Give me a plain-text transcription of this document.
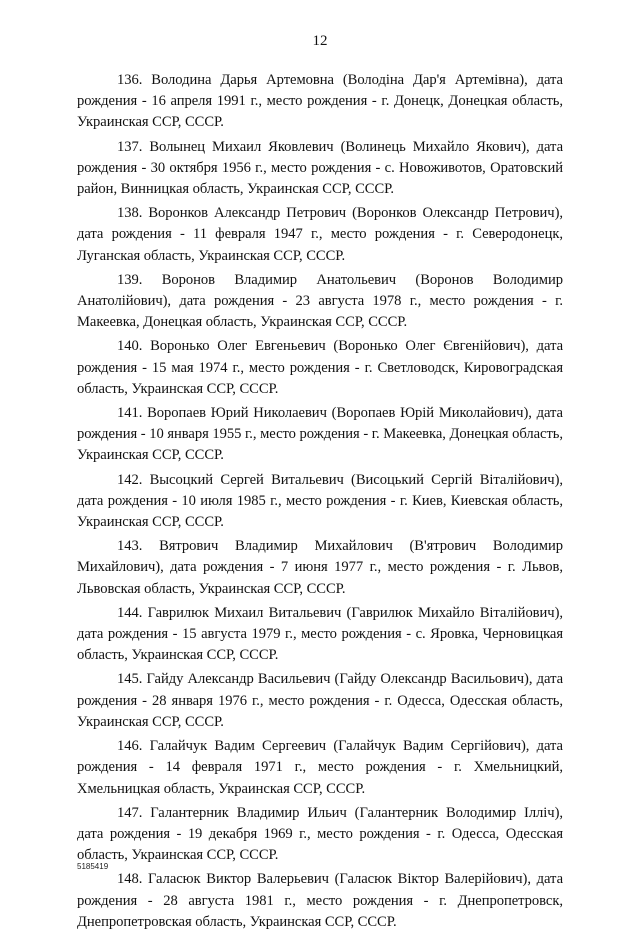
12

136. Володина Дарья Артемовна (Володіна Дар'я Артемівна), дата рождения - 16 апреля 1991 г., место рождения - г. Донецк, Донецкая область, Украинская ССР, СССР.

137. Волынец Михаил Яковлевич (Волинець Михайло Якович), дата рождения - 30 октября 1956 г., место рождения - с. Новоживотов, Оратовский район, Винницкая область, Украинская ССР, СССР.

138. Воронков Александр Петрович (Воронков Олександр Петрович), дата рождения - 11 февраля 1947 г., место рождения - г. Северодонецк, Луганская область, Украинская ССР, СССР.

139. Воронов Владимир Анатольевич (Воронов Володимир Анатолійович), дата рождения - 23 августа 1978 г., место рождения - г. Макеевка, Донецкая область, Украинская ССР, СССР.

140. Воронько Олег Евгеньевич (Воронько Олег Євгенійович), дата рождения - 15 мая 1974 г., место рождения - г. Светловодск, Кировоградская область, Украинская ССР, СССР.

141. Воропаев Юрий Николаевич (Воропаев Юрій Миколайович), дата рождения - 10 января 1955 г., место рождения - г. Макеевка, Донецкая область, Украинская ССР, СССР.

142. Высоцкий Сергей Витальевич (Висоцький Сергій Віталійович), дата рождения - 10 июля 1985 г., место рождения - г. Киев, Киевская область, Украинская ССР, СССР.

143. Вятрович Владимир Михайлович (В'ятрович Володимир Михайлович), дата рождения - 7 июня 1977 г., место рождения - г. Львов, Львовская область, Украинская ССР, СССР.

144. Гаврилюк Михаил Витальевич (Гаврилюк Михайло Віталійович), дата рождения - 15 августа 1979 г., место рождения - с. Яровка, Черновицкая область, Украинская ССР, СССР.

145. Гайду Александр Васильевич (Гайду Олександр Васильович), дата рождения - 28 января 1976 г., место рождения - г. Одесса, Одесская область, Украинская ССР, СССР.

146. Галайчук Вадим Сергеевич (Галайчук Вадим Сергійович), дата рождения - 14 февраля 1971 г., место рождения - г. Хмельницкий, Хмельницкая область, Украинская ССР, СССР.

147. Галантерник Владимир Ильич (Галантерник Володимир Ілліч), дата рождения - 19 декабря 1969 г., место рождения - г. Одесса, Одесская область, Украинская ССР, СССР.

148. Галасюк Виктор Валерьевич (Галасюк Віктор Валерійович), дата рождения - 28 августа 1981 г., место рождения - г. Днепропетровск, Днепропетровская область, Украинская ССР, СССР.

5185419
